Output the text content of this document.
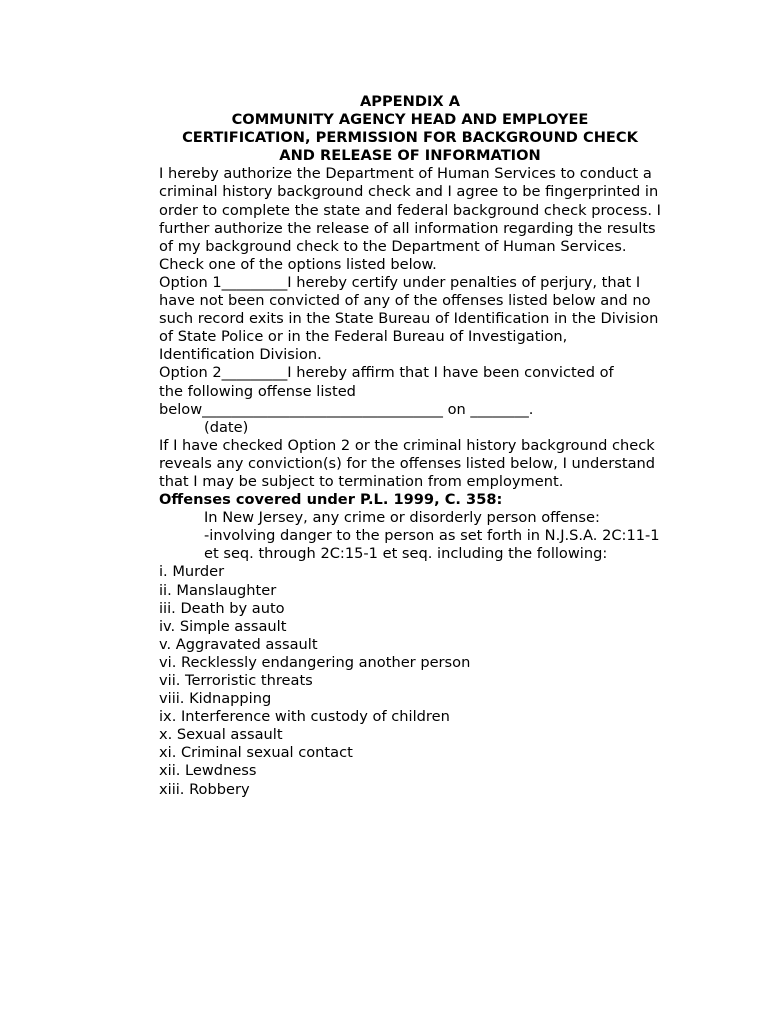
APPENDIX A
COMMUNITY AGENCY HEAD AND EMPLOYEE
CERTIFICATION, PERMISSION FOR BACKGROUND CHECK
AND RELEASE OF INFORMATION

I hereby authorize the Department of Human Services to conduct a criminal history background check and I agree to be fingerprinted in order to complete the state and federal background check process. I further authorize the release of all information regarding the results of my background check to the Department of Human Services. Check one of the options listed below.

Option 1_________I hereby certify under penalties of perjury, that I have not been convicted of any of the offenses listed below and no such record exits in the State Bureau of Identification in the Division of State Police or in the Federal Bureau of Investigation, Identification Division.

Option 2_________I hereby affirm that I have been convicted of
the following offense listed
below_________________________________ on ________.
(date)

If I have checked Option 2 or the criminal history background check reveals any conviction(s) for the offenses listed below, I understand that I may be subject to termination from employment.

Offenses covered under P.L. 1999, C. 358:
In New Jersey, any crime or disorderly person offense:
-involving danger to the person as set forth in N.J.S.A. 2C:11-1 et seq. through 2C:15-1 et seq. including the following:
i. Murder
ii. Manslaughter
iii. Death by auto
iv. Simple assault
v. Aggravated assault
vi. Recklessly endangering another person
vii. Terroristic threats
viii. Kidnapping
ix. Interference with custody of children
x. Sexual assault
xi. Criminal sexual contact
xii. Lewdness
xiii. Robbery
